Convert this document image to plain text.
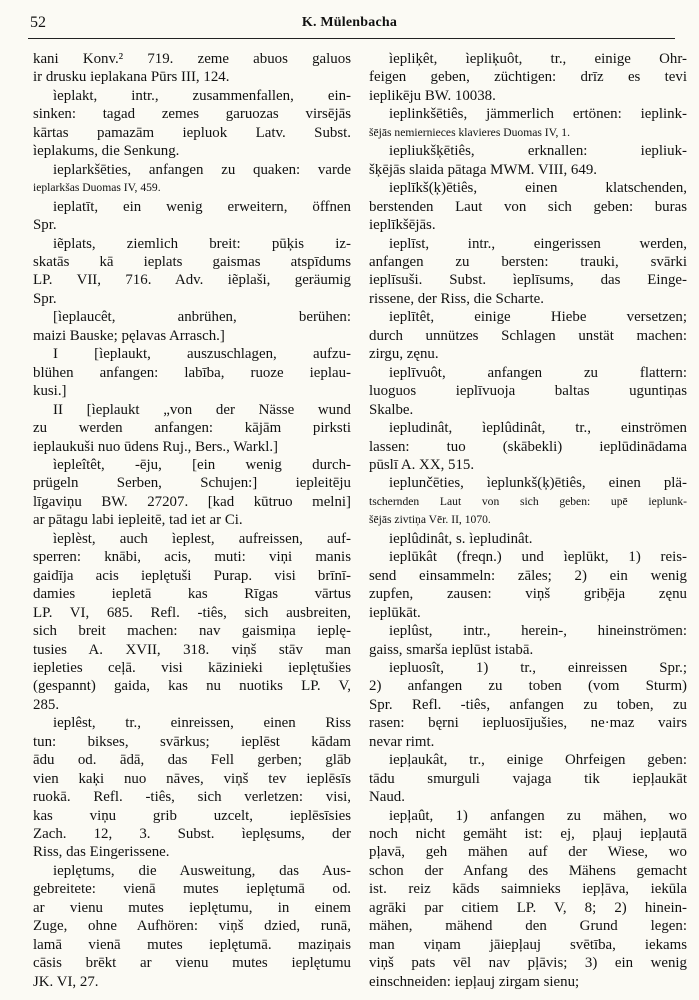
52	K. Mülenbacha
kani Konv.² 719. zeme abuos galuos
ir drusku ieplakana Pūrs III, 124.
ìeplakt, intr., zusammenfallen, ein-
sinken: tagad zemes garuozas virsējās
kārtas pamazām iepluok Latv. Subst.
ìeplakums, die Senkung.
ieplarkšēties, anfangen zu quaken: varde
ieplarkšas Duomas IV, 459.
ieplatīt, ein wenig erweitern, öffnen
Spr.
iẽplats, ziemlich breit: pūķis iz-
skatās kā ieplats gaismas atspīdums
LP. VII, 716. Adv. iẽplaši, geräumig
Spr.
[ìeplaucêt, anbrühen, ‌berühen:
maizi Bauske; pęlavas Arrasch.]
I [ìeplaukt, auszuschlagen, aufzu-
blühen anfangen: labība, ruoze ieplau-
kusi.]
II [ìeplaukt „von der Nässe wund
zu werden anfangen: kājām pirksti
ieplaukuši nuo ūdens Ruj., Bers., Warkl.]
ìepleîtêt, -ēju, [ein wenig durch-
prügeln Serben, Schujen:] iepleitēju
līgaviņu BW. 27207. [kad kūtruo melni]
ar pātagu labi iepleitē, tad iet ar Ci.
ìeplèst, auch ìeplest, aufreissen, auf-
sperren: knābi, acis, muti: viņi manis
gaidīja acis ieplętuši Purap. visi brīnī-
damies iepletā kas Rīgas vārtus
LP. VI, 685. Refl. -tiês, sich ausbreiten,
sich breit machen: nav gaismiņa ieplę-
tusies A. XVII, 318. viņš stāv man
iepleties ceļā. visi kāzinieki ieplętušies
(gespannt) gaida, kas nu nuotiks LP. V,
285.
ieplêst, tr., einreissen, einen Riss
tun: bikses, svārkus; ieplēst kādam
ādu od. ādā, das Fell gerben; glāb
vien kaķi nuo nāves, viņš tev ieplēsīs
ruokā. Refl. -tiês, sich verletzen: visi,
kas viņu grib uzcelt, ieplēsīsies
Zach. 12, 3. Subst. ìeplęsums, der
Riss, das Eingerissene.
ieplętums, die Ausweitung, das Aus-
gebreitete: vienā mutes ieplętumā od.
ar vienu mutes ieplętumu, in einem
Zuge, ohne Aufhören: viņš dzied, runā,
lamā vienā mutes ieplętumā. maziņais
cāsis brēkt ar vienu mutes ieplętumu
JK. VI, 27.
ìepliķêt, ìepliķuôt, tr., einige Ohr-
feigen geben, züchtigen: drīz es tevi
ieplikēju BW. 10038.
ieplinkšētiês, jämmerlich ertönen: ieplink-
šējās nemiernieces klavieres Duomas IV, 1.
iepliukšķētiês, erknallen: iepliuk-
šķējās slaida pātaga MWM. VIII, 649.
ieplīkš(ķ)ētiês, einen klatschenden,
berstenden Laut von sich geben: buras
ieplīkšējās.
ieplīst, intr., eingerissen werden,
anfangen zu bersten: trauki, svārki
ieplīsuši. Subst. ìeplīsums, das Einge-
rissene, der Riss, die Scharte.
ieplītêt, einige Hiebe versetzen;
durch unnützes Schlagen unstät machen:
zirgu, zęnu.
ieplīvuôt, anfangen zu flattern:
luoguos ieplīvuoja baltas uguntiņas
Skalbe.
iepludinât, ìeplûdinât, tr., einströmen
lassen: tuo (skābekli) ieplūdinādama
pūslī A. XX, 515.
ieplunčēties, ìeplunkš(ķ)ētiês, einen plä-
tschernden Laut von sich geben: upē ieplunk-
šējās zivtiņa Vēr. II, 1070.
ieplûdinât, s. ìepludinât.
ieplūkât (freqn.) und ìeplūkt, 1) reis-
send einsammeln: zāles; 2) ein wenig
zupfen, zausen: viņš grib̦ēja zęnu
ieplūkāt.
ieplûst, intr., herein-, hineinströmen:
gaiss, smarša ieplūst istabā.
iepluosît, 1) tr., einreissen Spr.;
2) anfangen zu toben (vom Sturm)
Spr. Refl. -tiês, anfangen zu toben, zu
rasen: bęrni iepluosījušies, ne·maz vairs
nevar rimt.
iepļaukât, tr., einige Ohrfeigen geben:
tādu smurguli vajaga tik iepļaukāt
Naud.
iepļaût, 1) anfangen zu mähen, wo
noch nicht gemäht ist: ej, pļauj iepļautā
pļavā, geh mähen auf der Wiese, wo
schon der Anfang des Mähens gemacht
ist. reiz kāds saimnieks iepļāva, iekūla
agrāki par citiem LP. V, 8; 2) hinein-
mähen, mähend den Grund legen:
man viņam jāiepļauj svētība, iekams
viņš pats vēl nav pļāvis; 3) ein wenig
einschneiden: iepļauj zirgam sienu;
